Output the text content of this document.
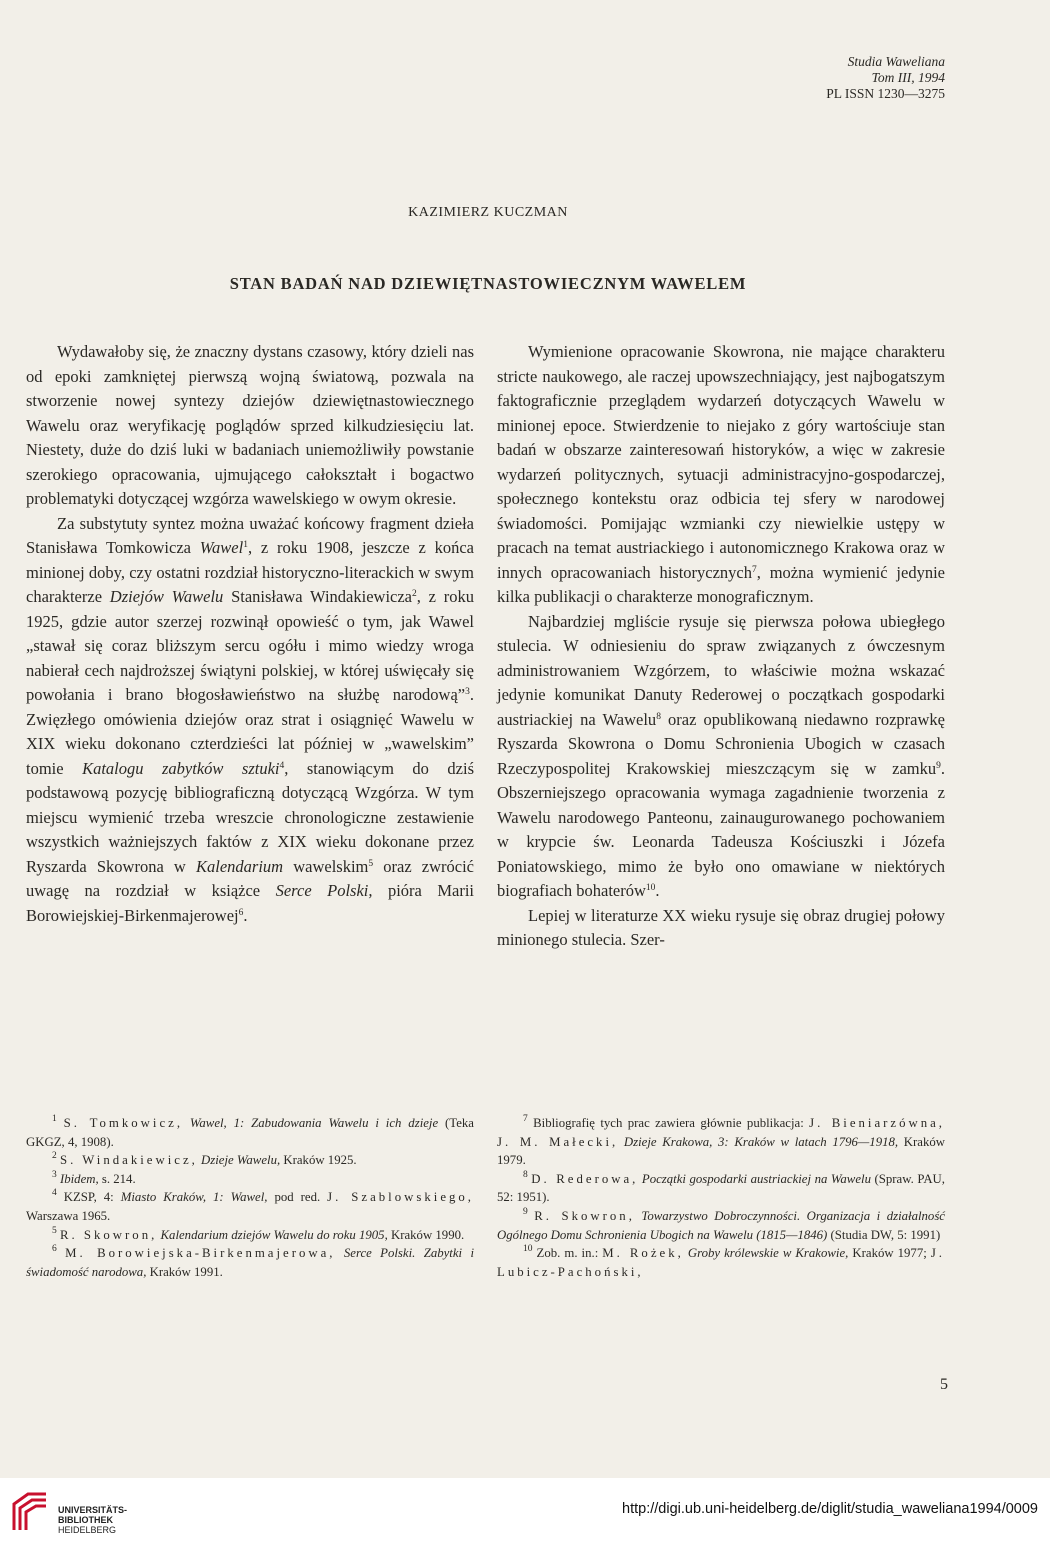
Studia Waweliana
Tom III, 1994
PL ISSN 1230—3275
KAZIMIERZ KUCZMAN
STAN BADAŃ NAD DZIEWIĘTNASTOWIECZNYM WAWELEM

Wydawałoby się, że znaczny dystans czasowy, który dzieli nas od epoki zamkniętej pierwszą wojną światową, pozwala na stworzenie nowej syntezy dziejów dziewiętnastowiecznego Wawelu oraz weryfikację poglądów sprzed kilkudziesięciu lat. Niestety, duże do dziś luki w badaniach uniemożliwiły powstanie szerokiego opracowania, ujmującego całokształt i bogactwo problematyki dotyczącej wzgórza wawelskiego w owym okresie.

Za substytuty syntez można uważać końcowy fragment dzieła Stanisława Tomkowicza Wawel$^1$, z roku 1908, jeszcze z końca minionej doby, czy ostatni rozdział historyczno-literackich w swym charakterze Dziejów Wawelu Stanisława Windakiewicza$^2$, z roku 1925, gdzie autor szerzej rozwinął opowieść o tym, jak Wawel „stawał się coraz bliższym sercu ogółu i mimo wiedzy wroga nabierał cech najdroższej świątyni polskiej, w której uświęcały się powołania i brano błogosławieństwo na służbę narodową”$^3$. Zwięzłego omówienia dziejów oraz strat i osiągnięć Wawelu w XIX wieku dokonano czterdzieści lat później w „wawelskim” tomie Katalogu zabytków sztuki$^4$, stanowiącym do dziś podstawową pozycję bibliograficzną dotyczącą Wzgórza. W tym miejscu wymienić trzeba wreszcie chronologiczne zestawienie wszystkich ważniejszych faktów z XIX wieku dokonane przez Ryszarda Skowrona w Kalendarium wawelskim$^5$ oraz zwrócić uwagę na rozdział w książce Serce Polski, pióra Marii Borowiejskiej-Birkenmajerowej$^6$.

Wymienione opracowanie Skowrona, nie mające charakteru stricte naukowego, ale raczej upowszechniający, jest najbogatszym faktograficznie przeglądem wydarzeń dotyczących Wawelu w minionej epoce. Stwierdzenie to niejako z góry wartościuje stan badań w obszarze zainteresowań historyków, a więc w zakresie wydarzeń politycznych, sytuacji administracyjno-gospodarczej, społecznego kontekstu oraz odbicia tej sfery w narodowej świadomości. Pomijając wzmianki czy niewielkie ustępy w pracach na temat austriackiego i autonomicznego Krakowa oraz w innych opracowaniach historycznych$^7$, można wymienić jedynie kilka publikacji o charakterze monograficznym.

Najbardziej mgliście rysuje się pierwsza połowa ubiegłego stulecia. W odniesieniu do spraw związanych z ówczesnym administrowaniem Wzgórzem, to właściwie można wskazać jedynie komunikat Danuty Rederowej o początkach gospodarki austriackiej na Wawelu$^8$ oraz opublikowaną niedawno rozprawkę Ryszarda Skowrona o Domu Schronienia Ubogich w czasach Rzeczypospolitej Krakowskiej mieszczącym się w zamku$^9$. Obszerniejszego opracowania wymaga zagadnienie tworzenia z Wawelu narodowego Panteonu, zainaugurowanego pochowaniem w krypcie św. Leonarda Tadeusza Kościuszki i Józefa Poniatowskiego, mimo że było ono omawiane w niektórych biografiach bohaterów$^{10}$.

Lepiej w literaturze XX wieku rysuje się obraz drugiej połowy minionego stulecia. Szer-

$^1$ S. Tomkowicz, Wawel, 1: Zabudowania Wawelu i ich dzieje (Teka GKGZ, 4, 1908).

$^2$ S. Windakiewicz, Dzieje Wawelu, Kraków 1925.

$^3$ Ibidem, s. 214.

$^4$ KZSP, 4: Miasto Kraków, 1: Wawel, pod red. J. Szablowskiego, Warszawa 1965.

$^5$ R. Skowron, Kalendarium dziejów Wawelu do roku 1905, Kraków 1990.

$^6$ M. Borowiejska-Birkenmajerowa, Serce Polski. Zabytki i świadomość narodowa, Kraków 1991.

$^7$ Bibliografię tych prac zawiera głównie publikacja: J. Bieniarzówna, J. M. Małecki, Dzieje Krakowa, 3: Kraków w latach 1796—1918, Kraków 1979.

$^8$ D. Rederowa, Początki gospodarki austriackiej na Wawelu (Spraw. PAU, 52: 1951).

$^9$ R. Skowron, Towarzystwo Dobroczynności. Organizacja i działalność Ogólnego Domu Schronienia Ubogich na Wawelu (1815—1846) (Studia DW, 5: 1991)

$^{10}$ Zob. m. in.: M. Rożek, Groby królewskie w Krakowie, Kraków 1977; J. Lubicz-Pachoński,

5
UNIVERSITÄTS-
BIBLIOTHEK
HEIDELBERG
http://digi.ub.uni-heidelberg.de/diglit/studia_waweliana1994/0009
